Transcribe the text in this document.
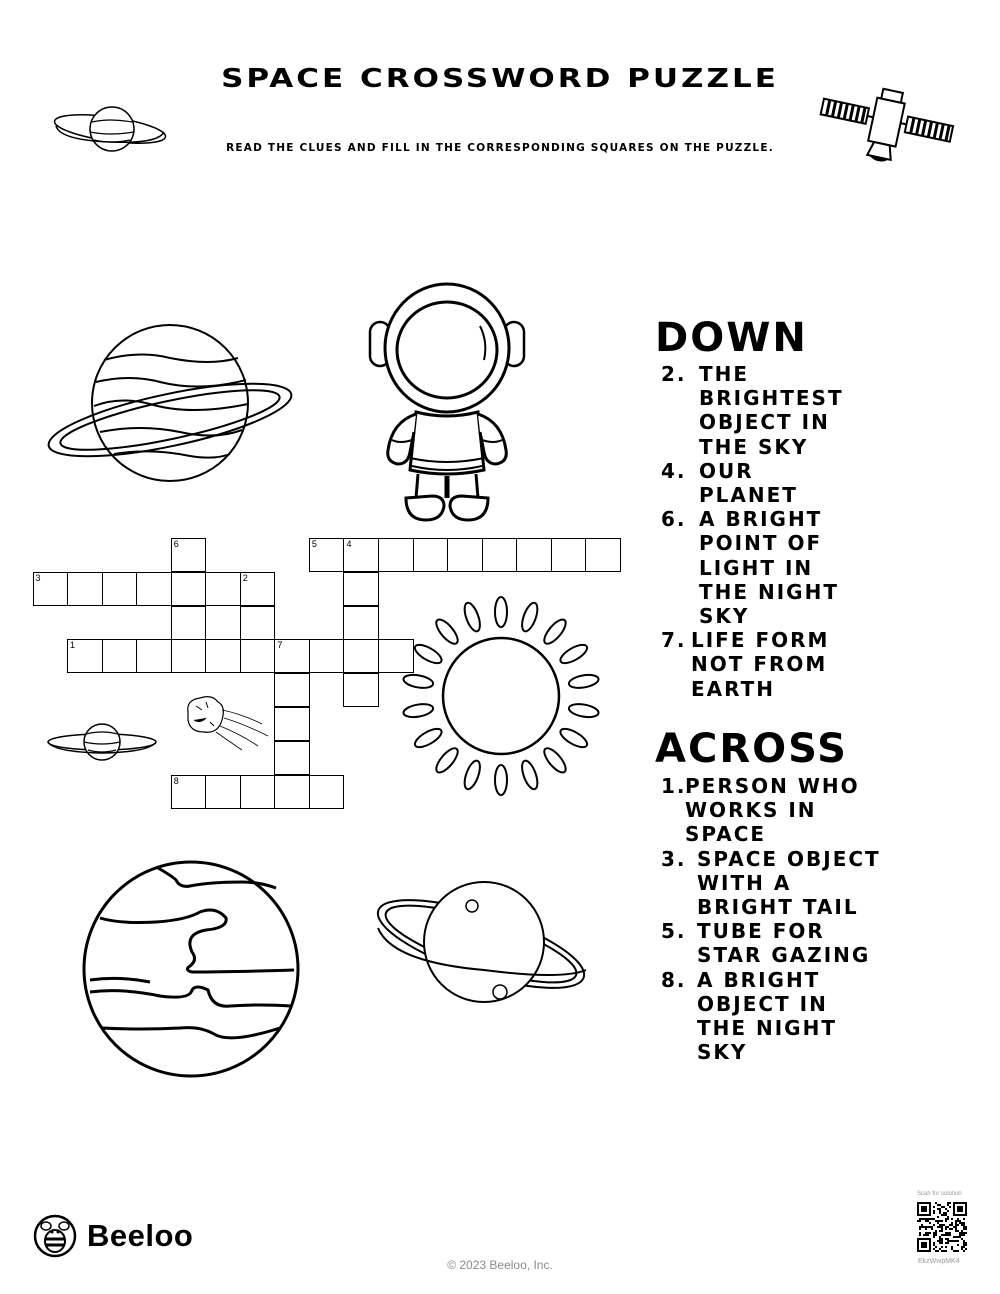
SPACE CROSSWORD PUZZLE
READ THE CLUES AND FILL IN THE CORRESPONDING SQUARES ON THE PUZZLE.
1	7
2
3
4
5
6
8
DOWN
2. THE BRIGHTEST OBJECT IN THE SKY
4. OUR PLANET
6. A BRIGHT POINT OF LIGHT IN THE NIGHT SKY
7. LIFE FORM NOT FROM EARTH
ACROSS
1.
PERSON WHO WORKS IN SPACE
3. SPACE OBJECT WITH A BRIGHT TAIL
5. TUBE FOR STAR GAZING
8. A BRIGHT OBJECT IN THE NIGHT SKY
Beeloo
© 2023 Beeloo, Inc.
Scan for solution
EkzWwpMK4
